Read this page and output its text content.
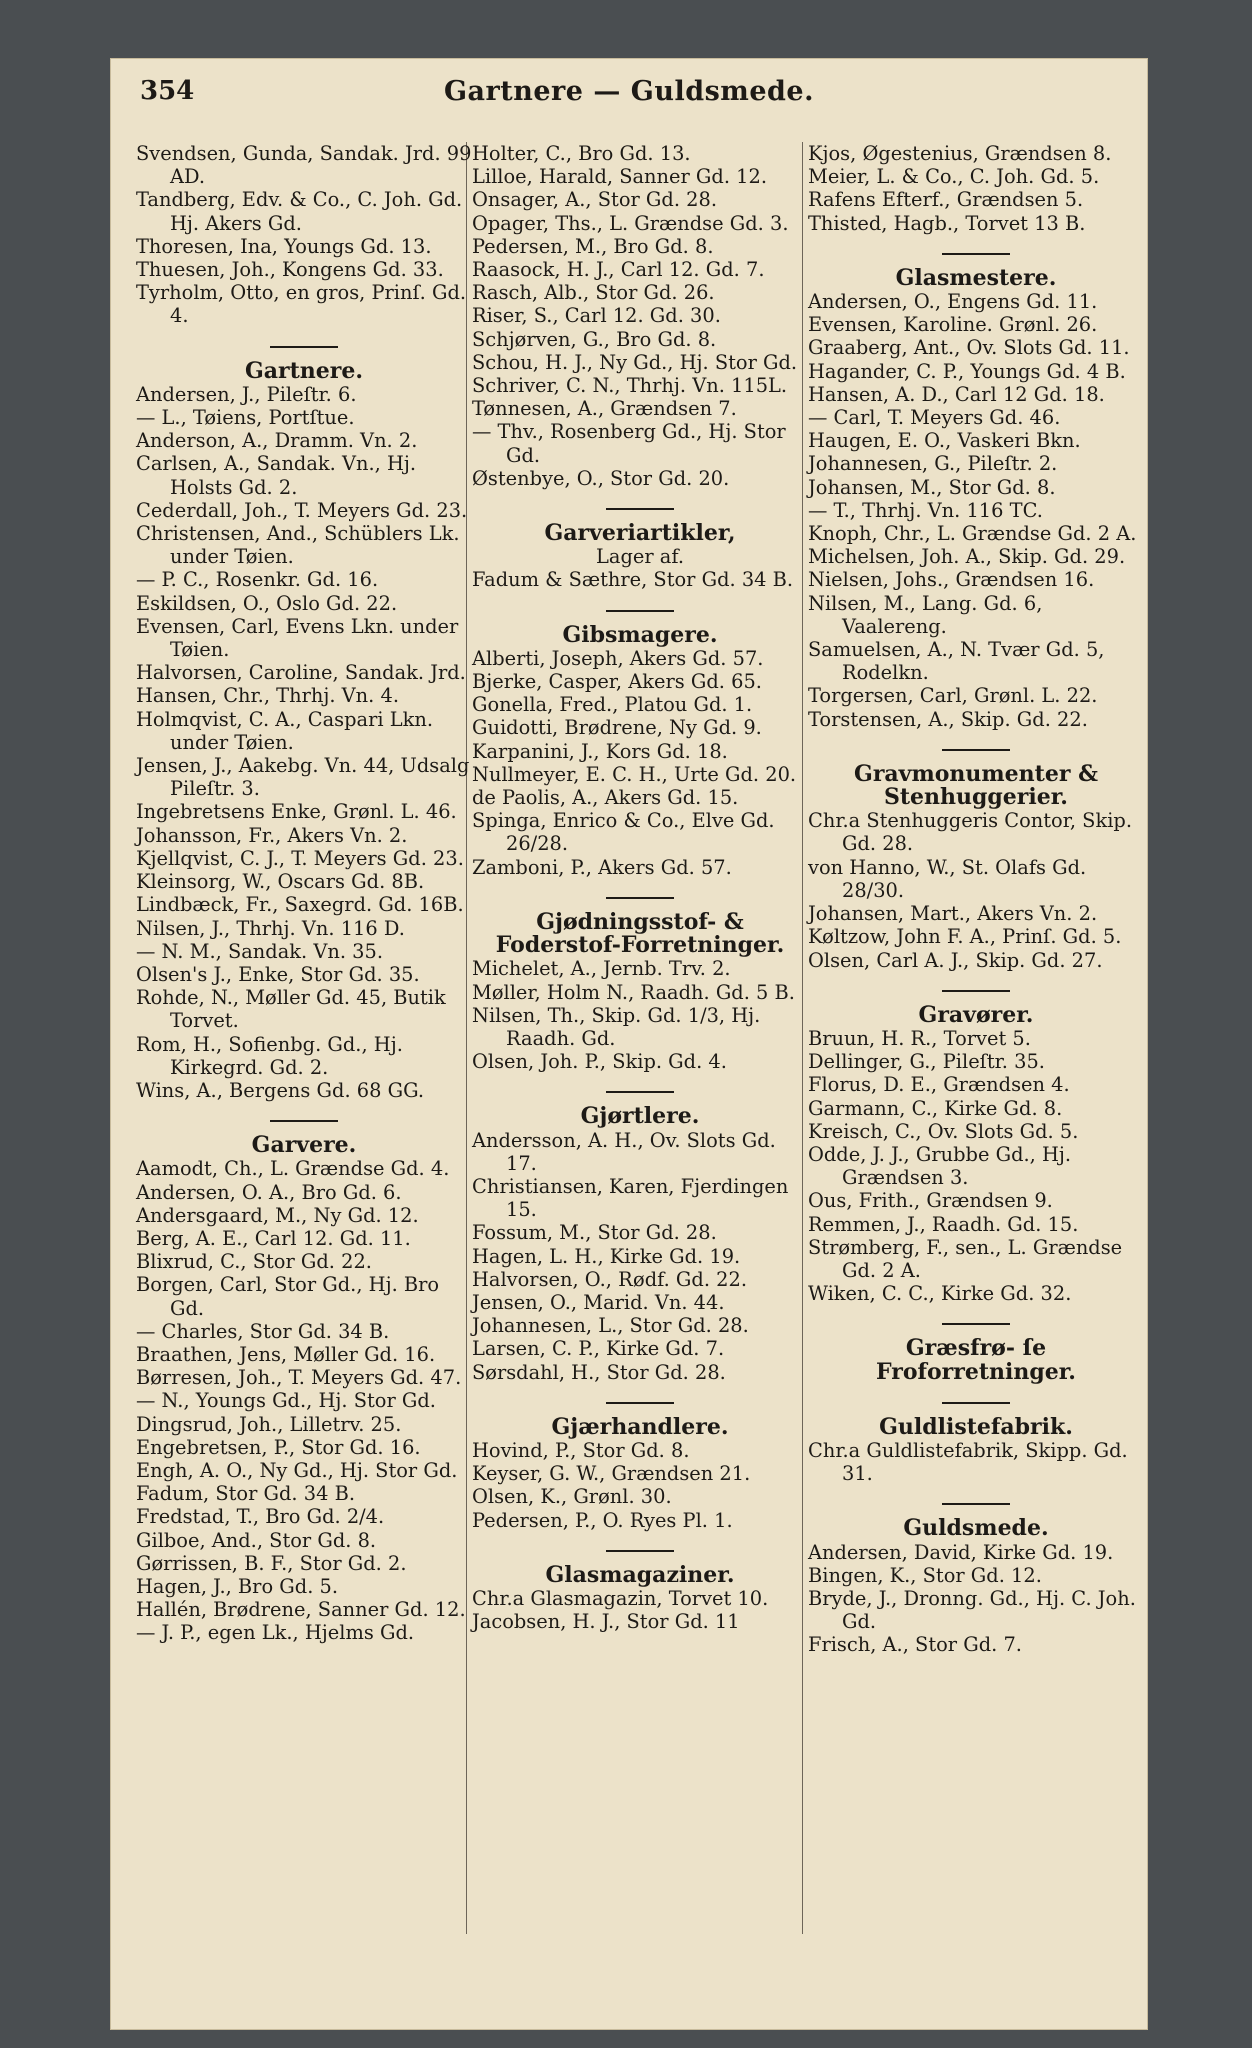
354	Gartnere — Guldsmede.
Svendsen, Gunda, Sandak. Jrd. 99 AD.
Tandberg, Edv. & Co., C. Joh. Gd. Hj. Akers Gd.
Thoresen, Ina, Youngs Gd. 13.
Thuesen, Joh., Kongens Gd. 33.
Tyrholm, Otto, en gros, Prinſ. Gd. 4.
Gartnere.
Andersen, J., Pileſtr. 6.
— L., Tøiens, Portſtue.
Anderson, A., Dramm. Vn. 2.
Carlsen, A., Sandak. Vn., Hj. Holsts Gd. 2.
Cederdall, Joh., T. Meyers Gd. 23.
Christensen, And., Schüblers Lk. under Tøien.
— P. C., Rosenkr. Gd. 16.
Eskildsen, O., Oslo Gd. 22.
Evensen, Carl, Evens Lkn. under Tøien.
Halvorsen, Caroline, Sandak. Jrd.
Hansen, Chr., Thrhj. Vn. 4.
Holmqvist, C. A., Caspari Lkn. under Tøien.
Jensen, J., Aakebg. Vn. 44, Udsalg Pileſtr. 3.
Ingebretsens Enke, Grønl. L. 46.
Johansson, Fr., Akers Vn. 2.
Kjellqvist, C. J., T. Meyers Gd. 23.
Kleinsorg, W., Oscars Gd. 8B.
Lindbæck, Fr., Saxegrd. Gd. 16B.
Nilsen, J., Thrhj. Vn. 116 D.
— N. M., Sandak. Vn. 35.
Olsen's J., Enke, Stor Gd. 35.
Rohde, N., Møller Gd. 45, Butik Torvet.
Rom, H., Sofienbg. Gd., Hj. Kirkegrd. Gd. 2.
Wins, A., Bergens Gd. 68 GG.
Garvere.
Aamodt, Ch., L. Grændse Gd. 4.
Andersen, O. A., Bro Gd. 6.
Andersgaard, M., Ny Gd. 12.
Berg, A. E., Carl 12. Gd. 11.
Blixrud, C., Stor Gd. 22.
Borgen, Carl, Stor Gd., Hj. Bro Gd.
— Charles, Stor Gd. 34 B.
Braathen, Jens, Møller Gd. 16.
Børresen, Joh., T. Meyers Gd. 47.
— N., Youngs Gd., Hj. Stor Gd.
Dingsrud, Joh., Lilletrv. 25.
Engebretsen, P., Stor Gd. 16.
Engh, A. O., Ny Gd., Hj. Stor Gd.
Fadum, Stor Gd. 34 B.
Fredstad, T., Bro Gd. 2/4.
Gilboe, And., Stor Gd. 8.
Gørrissen, B. F., Stor Gd. 2.
Hagen, J., Bro Gd. 5.
Hallén, Brødrene, Sanner Gd. 12.
— J. P., egen Lk., Hjelms Gd.
Holter, C., Bro Gd. 13.
Lilloe, Harald, Sanner Gd. 12.
Onsager, A., Stor Gd. 28.
Opager, Ths., L. Grændse Gd. 3.
Pedersen, M., Bro Gd. 8.
Raasock, H. J., Carl 12. Gd. 7.
Rasch, Alb., Stor Gd. 26.
Riser, S., Carl 12. Gd. 30.
Schjørven, G., Bro Gd. 8.
Schou, H. J., Ny Gd., Hj. Stor Gd.
Schriver, C. N., Thrhj. Vn. 115L.
Tønnesen, A., Grændsen 7.
— Thv., Rosenberg Gd., Hj. Stor Gd.
Østenbye, O., Stor Gd. 20.
Garveriartikler,
Lager af.
Fadum & Sæthre, Stor Gd. 34 B.
Gibsmagere.
Alberti, Joseph, Akers Gd. 57.
Bjerke, Casper, Akers Gd. 65.
Gonella, Fred., Platou Gd. 1.
Guidotti, Brødrene, Ny Gd. 9.
Karpanini, J., Kors Gd. 18.
Nullmeyer, E. C. H., Urte Gd. 20.
de Paolis, A., Akers Gd. 15.
Spinga, Enrico & Co., Elve Gd. 26/28.
Zamboni, P., Akers Gd. 57.
Gjødningsstof- & Foderstof-Forretninger.
Michelet, A., Jernb. Trv. 2.
Møller, Holm N., Raadh. Gd. 5 B.
Nilsen, Th., Skip. Gd. 1/3, Hj. Raadh. Gd.
Olsen, Joh. P., Skip. Gd. 4.
Gjørtlere.
Andersson, A. H., Ov. Slots Gd. 17.
Christiansen, Karen, Fjerdingen 15.
Fossum, M., Stor Gd. 28.
Hagen, L. H., Kirke Gd. 19.
Halvorsen, O., Rødf. Gd. 22.
Jensen, O., Marid. Vn. 44.
Johannesen, L., Stor Gd. 28.
Larsen, C. P., Kirke Gd. 7.
Sørsdahl, H., Stor Gd. 28.
Gjærhandlere.
Hovind, P., Stor Gd. 8.
Keyser, G. W., Grændsen 21.
Olsen, K., Grønl. 30.
Pedersen, P., O. Ryes Pl. 1.
Glasmagaziner.
Chr.a Glasmagazin, Torvet 10.
Jacobsen, H. J., Stor Gd. 11
Kjos, Øgestenius, Grændsen 8.
Meier, L. & Co., C. Joh. Gd. 5.
Rafens Efterf., Grændsen 5.
Thisted, Hagb., Torvet 13 B.
Glasmestere.
Andersen, O., Engens Gd. 11.
Evensen, Karoline. Grønl. 26.
Graaberg, Ant., Ov. Slots Gd. 11.
Hagander, C. P., Youngs Gd. 4 B.
Hansen, A. D., Carl 12 Gd. 18.
— Carl, T. Meyers Gd. 46.
Haugen, E. O., Vaskeri Bkn.
Johannesen, G., Pileſtr. 2.
Johansen, M., Stor Gd. 8.
— T., Thrhj. Vn. 116 TC.
Knoph, Chr., L. Grændse Gd. 2 A.
Michelsen, Joh. A., Skip. Gd. 29.
Nielsen, Johs., Grændsen 16.
Nilsen, M., Lang. Gd. 6, Vaalereng.
Samuelsen, A., N. Tvær Gd. 5, Rodelkn.
Torgersen, Carl, Grønl. L. 22.
Torstensen, A., Skip. Gd. 22.
Gravmonumenter & Stenhuggerier.
Chr.a Stenhuggeris Contor, Skip. Gd. 28.
von Hanno, W., St. Olafs Gd. 28/30.
Johansen, Mart., Akers Vn. 2.
Køltzow, John F. A., Prinſ. Gd. 5.
Olsen, Carl A. J., Skip. Gd. 27.
Gravører.
Bruun, H. R., Torvet 5.
Dellinger, G., Pileſtr. 35.
Florus, D. E., Grændsen 4.
Garmann, C., Kirke Gd. 8.
Kreisch, C., Ov. Slots Gd. 5.
Odde, J. J., Grubbe Gd., Hj. Grændsen 3.
Ous, Frith., Grændsen 9.
Remmen, J., Raadh. Gd. 15.
Strømberg, F., sen., L. Grændse Gd. 2 A.
Wiken, C. C., Kirke Gd. 32.
Græsfrø- ſe Froforretninger.
Guldlistefabrik.
Chr.a Guldlistefabrik, Skipp. Gd. 31.
Guldsmede.
Andersen, David, Kirke Gd. 19.
Bingen, K., Stor Gd. 12.
Bryde, J., Dronng. Gd., Hj. C. Joh. Gd.
Frisch, A., Stor Gd. 7.
